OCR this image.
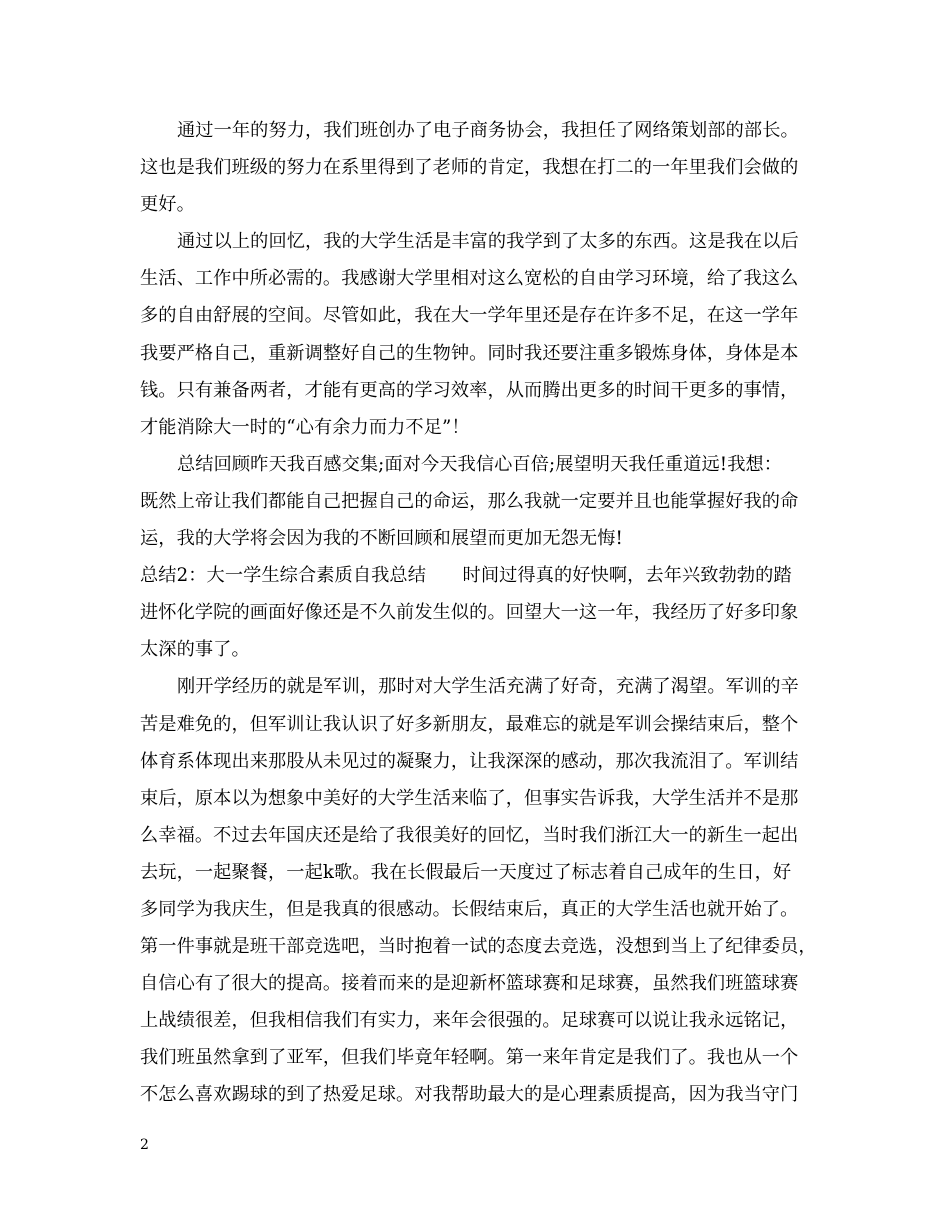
通过一年的努力，我们班创办了电子商务协会，我担任了网络策划部的部长。
这也是我们班级的努力在系里得到了老师的肯定，我想在打二的一年里我们会做的
更好。
通过以上的回忆，我的大学生活是丰富的我学到了太多的东西。这是我在以后
生活、工作中所必需的。我感谢大学里相对这么宽松的自由学习环境，给了我这么
多的自由舒展的空间。尽管如此，我在大一学年里还是存在许多不足，在这一学年
我要严格自己，重新调整好自己的生物钟。同时我还要注重多锻炼身体，身体是本
钱。只有兼备两者，才能有更高的学习效率，从而腾出更多的时间干更多的事情，
才能消除大一时的“心有余力而力不足”！
总结回顾昨天我百感交集;面对今天我信心百倍;展望明天我任重道远!我想：
既然上帝让我们都能自己把握自己的命运，那么我就一定要并且也能掌握好我的命
运，我的大学将会因为我的不断回顾和展望而更加无怨无悔!
总结2：大一学生综合素质自我总结　　时间过得真的好快啊，去年兴致勃勃的踏
进怀化学院的画面好像还是不久前发生似的。回望大一这一年，我经历了好多印象
太深的事了。
刚开学经历的就是军训，那时对大学生活充满了好奇，充满了渴望。军训的辛
苦是难免的，但军训让我认识了好多新朋友，最难忘的就是军训会操结束后，整个
体育系体现出来那股从未见过的凝聚力，让我深深的感动，那次我流泪了。军训结
束后，原本以为想象中美好的大学生活来临了，但事实告诉我，大学生活并不是那
么幸福。不过去年国庆还是给了我很美好的回忆，当时我们浙江大一的新生一起出
去玩，一起聚餐，一起k歌。我在长假最后一天度过了标志着自己成年的生日，好
多同学为我庆生，但是我真的很感动。长假结束后，真正的大学生活也就开始了。
第一件事就是班干部竞选吧，当时抱着一试的态度去竞选，没想到当上了纪律委员，
自信心有了很大的提高。接着而来的是迎新杯篮球赛和足球赛，虽然我们班篮球赛
上战绩很差，但我相信我们有实力，来年会很强的。足球赛可以说让我永远铭记，
我们班虽然拿到了亚军，但我们毕竟年轻啊。第一来年肯定是我们了。我也从一个
不怎么喜欢踢球的到了热爱足球。对我帮助最大的是心理素质提高，因为我当守门
2
